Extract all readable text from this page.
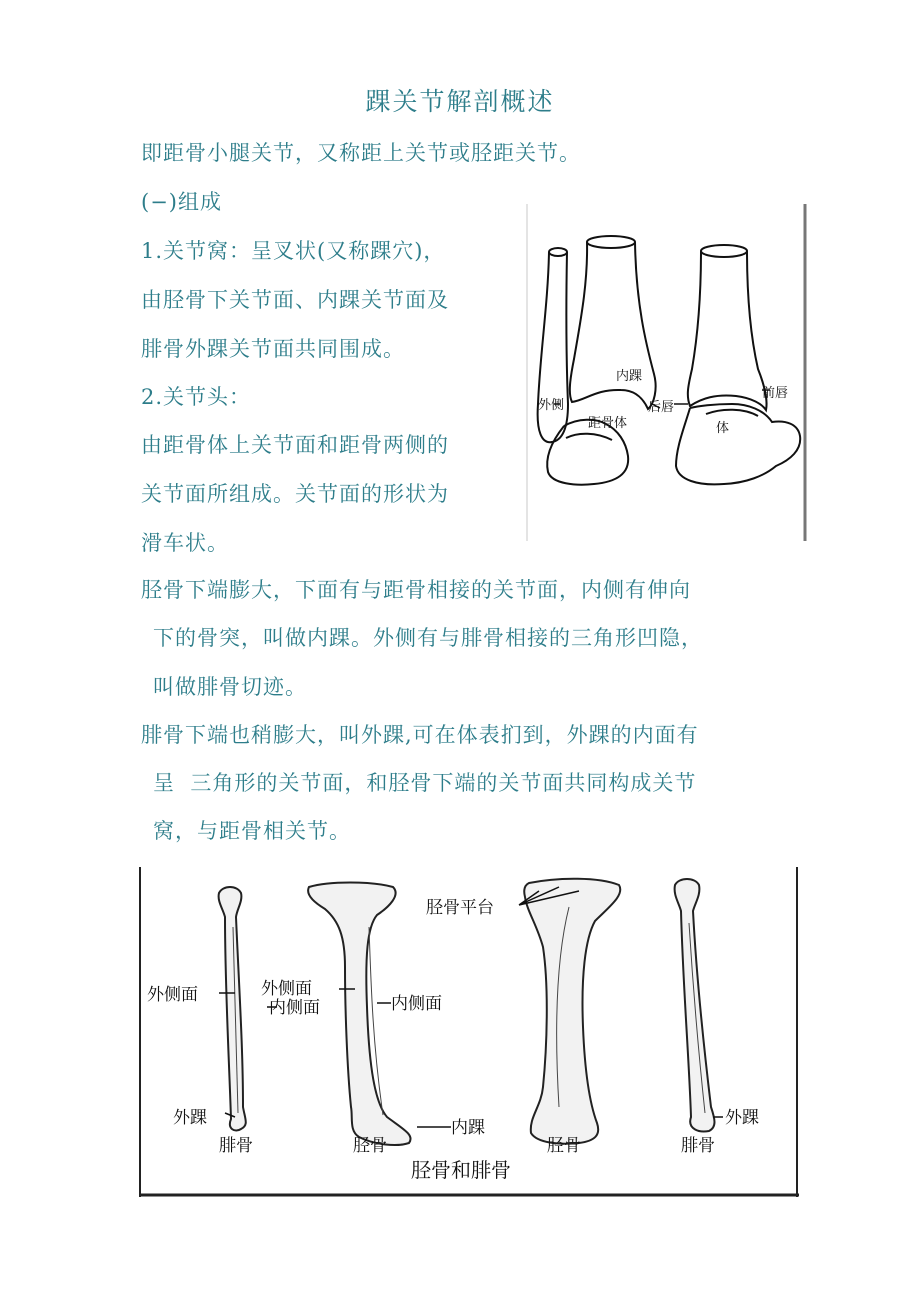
踝关节解剖概述
即距骨小腿关节，又称距上关节或胫距关节。
(−)组成
1.关节窝：呈叉状(又称踝穴)，
由胫骨下关节面、内踝关节面及
腓骨外踝关节面共同围成。
2.关节头：
由距骨体上关节面和距骨两侧的
关节面所组成。关节面的形状为
滑车状。
胫骨下端膨大，下面有与距骨相接的关节面，内侧有伸向
下的骨突，叫做内踝。外侧有与腓骨相接的三角形凹隐，
叫做腓骨切迹。
腓骨下端也稍膨大，叫外踝,可在体表扪到，外踝的内面有
呈  三角形的关节面，和胫骨下端的关节面共同构成关节
窝，与距骨相关节。
外侧
内踝
距骨体
后唇
前唇
体
胫骨平台
外侧面	外侧面
内侧面	内侧面
外踝	内踝	外踝
腓骨	胫骨	胫骨	腓骨
胫骨和腓骨
